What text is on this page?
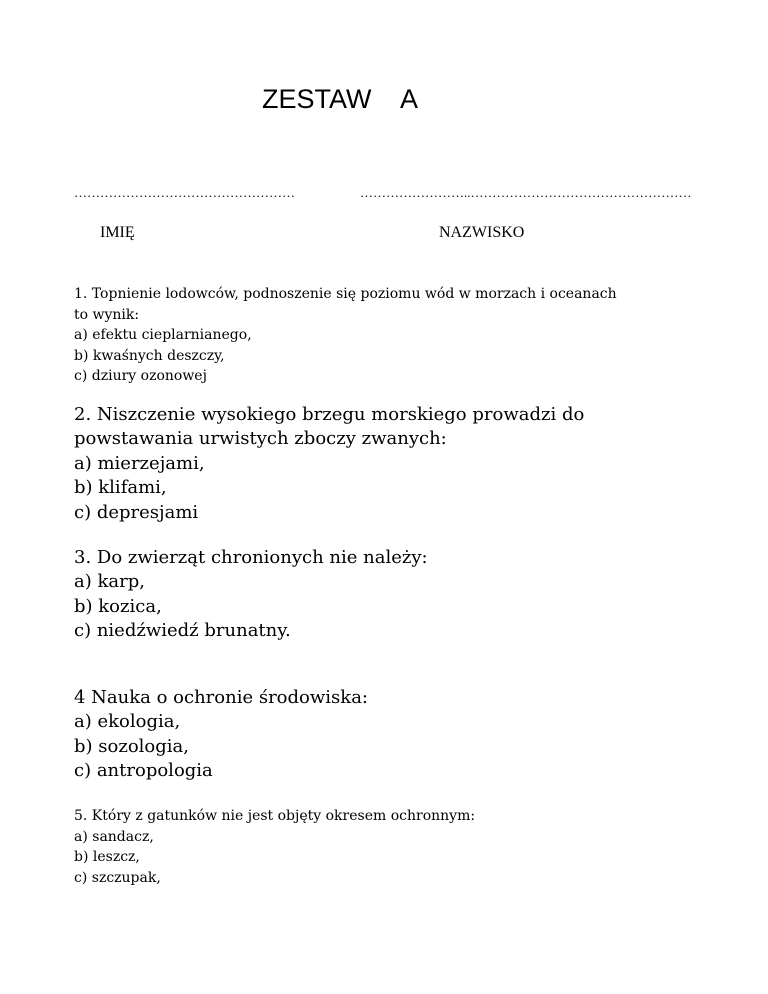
ZESTAW    A
……………………………………………	……………………..……………………………………………
IMIĘ	NAZWISKO

1. Topnienie lodowców, podnoszenie się poziomu wód w morzach i oceanach to wynik:

a) efektu cieplarnianego,
b) kwaśnych deszczy,
c) dziury ozonowej

2. Niszczenie wysokiego brzegu morskiego prowadzi do powstawania urwistych zboczy zwanych:

a) mierzejami,
b) klifami,
c) depresjami

3. Do zwierząt chronionych nie należy:

a) karp,
b) kozica,
c) niedźwiedź brunatny.

4 Nauka o ochronie środowiska:

a) ekologia,
b) sozologia,
c) antropologia

5. Który z gatunków nie jest objęty okresem ochronnym:

a) sandacz,
b) leszcz,
c) szczupak,
